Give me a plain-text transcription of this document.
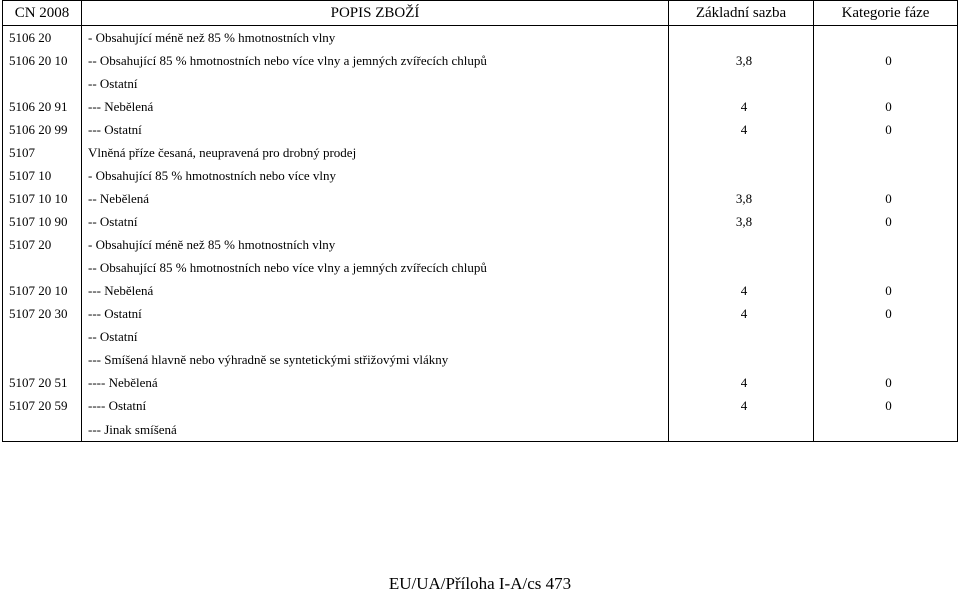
CN 2008	POPIS ZBOŽÍ	Základní sazba	Kategorie fáze
5106 20	- Obsahující méně než 85 % hmotnostních vlny		
5106 20 10	-- Obsahující 85 % hmotnostních nebo více vlny a jemných zvířecích chlupů	3,8	0
	-- Ostatní		
5106 20 91	--- Nebělená	4	0
5106 20 99	--- Ostatní	4	0
5107	Vlněná příze česaná, neupravená pro drobný prodej		
5107 10	- Obsahující 85 % hmotnostních nebo více vlny		
5107 10 10	-- Nebělená	3,8	0
5107 10 90	-- Ostatní	3,8	0
5107 20	- Obsahující méně než 85 % hmotnostních vlny		
	-- Obsahující 85 % hmotnostních nebo více vlny a jemných zvířecích chlupů		
5107 20 10	--- Nebělená	4	0
5107 20 30	--- Ostatní	4	0
	-- Ostatní		
	--- Smíšená hlavně nebo výhradně se syntetickými střižovými vlákny		
5107 20 51	---- Nebělená	4	0
5107 20 59	---- Ostatní	4	0
	--- Jinak smíšená		
EU/UA/Příloha I-A/cs 473
